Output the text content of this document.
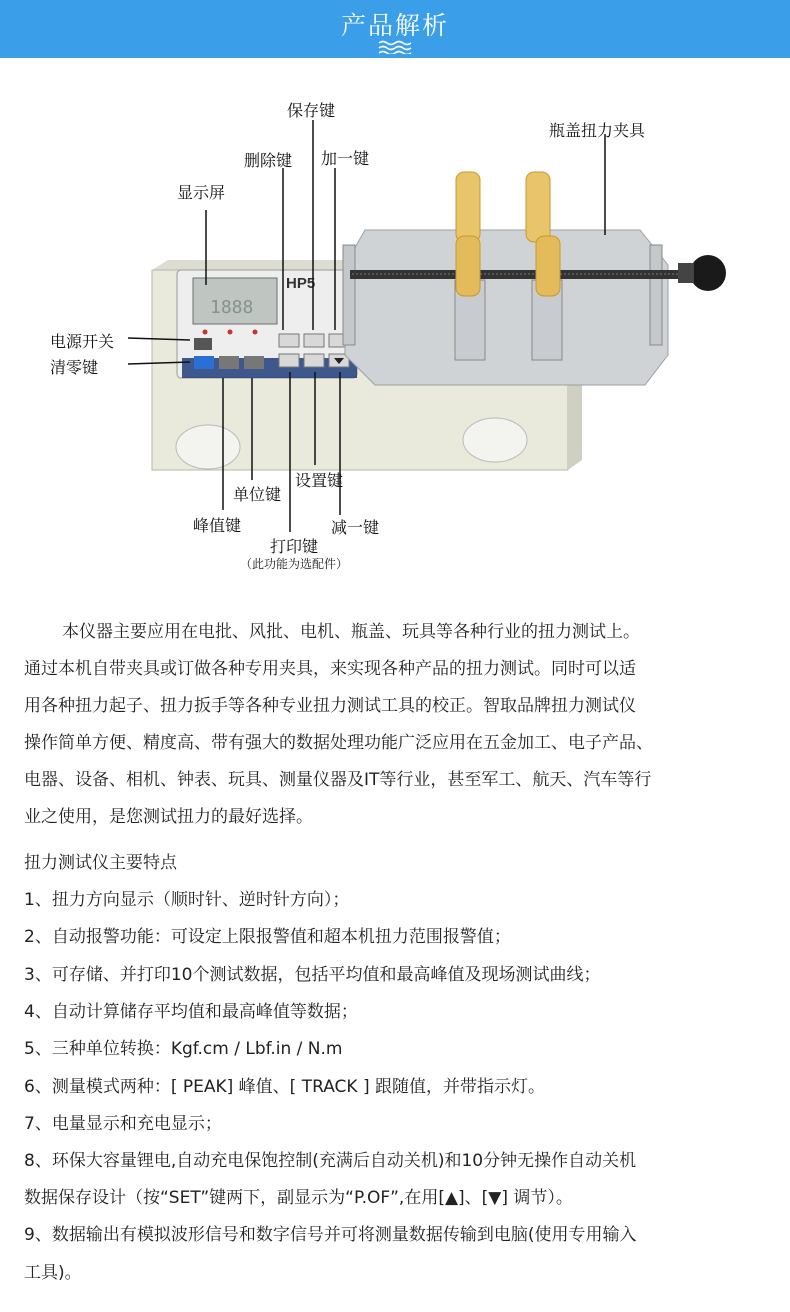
产品解析
1888
HP5
保存键
删除键 加一键
显示屏
瓶盖扭力夹具
电源开关
清零键
单位键
设置键
峰值键	减一键
打印键
（此功能为选配件）
本仪器主要应用在电批、风批、电机、瓶盖、玩具等各种行业的扭力测试上。
通过本机自带夹具或订做各种专用夹具，来实现各种产品的扭力测试。同时可以适
用各种扭力起子、扭力扳手等各种专业扭力测试工具的校正。智取品牌扭力测试仪
操作简单方便、精度高、带有强大的数据处理功能广泛应用在五金加工、电子产品、
电器、设备、相机、钟表、玩具、测量仪器及IT等行业，甚至军工、航天、汽车等行
业之使用，是您测试扭力的最好选择。
扭力测试仪主要特点
1、扭力方向显示（顺时针、逆时针方向）；
2、自动报警功能：可设定上限报警值和超本机扭力范围报警值；
3、可存储、并打印10个测试数据，包括平均值和最高峰值及现场测试曲线；
4、自动计算储存平均值和最高峰值等数据；
5、三种单位转换：Kgf.cm / Lbf.in / N.m
6、测量模式两种：[ PEAK] 峰值、[ TRACK ] 跟随值，并带指示灯。
7、电量显示和充电显示；
8、环保大容量锂电,自动充电保饱控制(充满后自动关机)和10分钟无操作自动关机
数据保存设计（按“SET”键两下，副显示为“P.OF”,在用[▲]、[▼] 调节）。
9、数据输出有模拟波形信号和数字信号并可将测量数据传输到电脑(使用专用输入
工具)。
